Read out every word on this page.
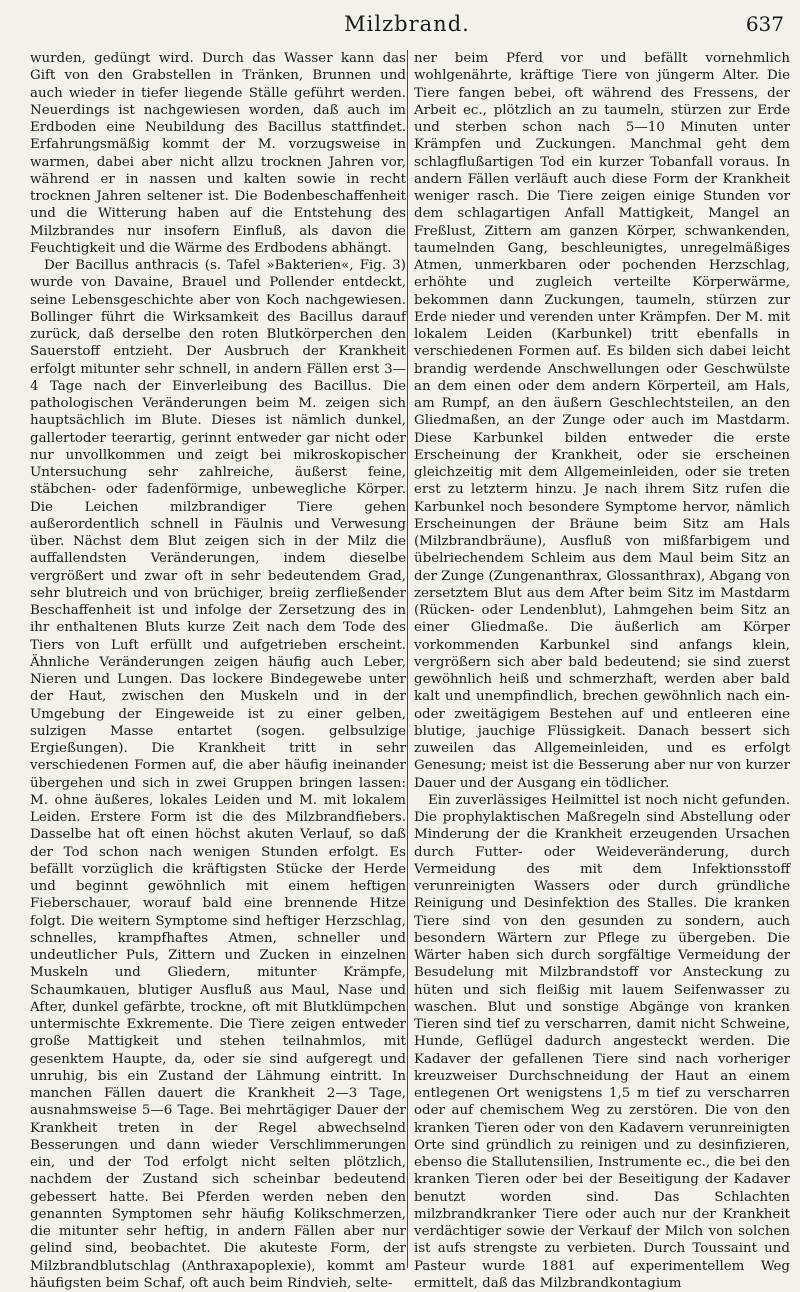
Milzbrand.	637

wurden, gedüngt wird. Durch das Wasser kann das Gift von den Grabstellen in Tränken, Brunnen und auch wieder in tiefer liegende Ställe geführt werden. Neuerdings ist nachgewiesen worden, daß auch im Erdboden eine Neubildung des Bacillus stattfindet. Erfahrungsmäßig kommt der M. vorzugsweise in warmen, dabei aber nicht allzu trocknen Jahren vor, während er in nassen und kalten sowie in recht trocknen Jahren seltener ist. Die Bodenbeschaffenheit und die Witterung haben auf die Entstehung des Milzbrandes nur insofern Einfluß, als davon die Feuchtigkeit und die Wärme des Erdbodens abhängt.

Der Bacillus anthracis (s. Tafel »Bakterien«, Fig. 3) wurde von Davaine, Brauel und Pollender entdeckt, seine Lebensgeschichte aber von Koch nachgewiesen. Bollinger führt die Wirksamkeit des Bacillus darauf zurück, daß derselbe den roten Blutkörperchen den Sauerstoff entzieht. Der Ausbruch der Krankheit erfolgt mitunter sehr schnell, in andern Fällen erst 3—4 Tage nach der Einverleibung des Bacillus. Die pathologischen Veränderungen beim M. zeigen sich hauptsächlich im Blute. Dieses ist nämlich dunkel, gallertoder teerartig, gerinnt entweder gar nicht oder nur unvollkommen und zeigt bei mikroskopischer Untersuchung sehr zahlreiche, äußerst feine, stäbchen- oder fadenförmige, unbewegliche Körper. Die Leichen milzbrandiger Tiere gehen außerordentlich schnell in Fäulnis und Verwesung über. Nächst dem Blut zeigen sich in der Milz die auffallendsten Veränderungen, indem dieselbe vergrößert und zwar oft in sehr bedeutendem Grad, sehr blutreich und von brüchiger, breiig zerfließender Beschaffenheit ist und infolge der Zersetzung des in ihr enthaltenen Bluts kurze Zeit nach dem Tode des Tiers von Luft erfüllt und aufgetrieben erscheint. Ähnliche Veränderungen zeigen häufig auch Leber, Nieren und Lungen. Das lockere Bindegewebe unter der Haut, zwischen den Muskeln und in der Umgebung der Eingeweide ist zu einer gelben, sulzigen Masse entartet (sogen. gelbsulzige Ergießungen). Die Krankheit tritt in sehr verschiedenen Formen auf, die aber häufig ineinander übergehen und sich in zwei Gruppen bringen lassen: M. ohne äußeres, lokales Leiden und M. mit lokalem Leiden. Erstere Form ist die des Milzbrandfiebers. Dasselbe hat oft einen höchst akuten Verlauf, so daß der Tod schon nach wenigen Stunden erfolgt. Es befällt vorzüglich die kräftigsten Stücke der Herde und beginnt gewöhnlich mit einem heftigen Fieberschauer, worauf bald eine brennende Hitze folgt. Die weitern Symptome sind heftiger Herzschlag, schnelles, krampfhaftes Atmen, schneller und undeutlicher Puls, Zittern und Zucken in einzelnen Muskeln und Gliedern, mitunter Krämpfe, Schaumkauen, blutiger Ausfluß aus Maul, Nase und After, dunkel gefärbte, trockne, oft mit Blutklümpchen untermischte Exkremente. Die Tiere zeigen entweder große Mattigkeit und stehen teilnahmlos, mit gesenktem Haupte, da, oder sie sind aufgeregt und unruhig, bis ein Zustand der Lähmung eintritt. In manchen Fällen dauert die Krankheit 2—3 Tage, ausnahmsweise 5—6 Tage. Bei mehrtägiger Dauer der Krankheit treten in der Regel abwechselnd Besserungen und dann wieder Verschlimmerungen ein, und der Tod erfolgt nicht selten plötzlich, nachdem der Zustand sich scheinbar bedeutend gebessert hatte. Bei Pferden werden neben den genannten Symptomen sehr häufig Kolikschmerzen, die mitunter sehr heftig, in andern Fällen aber nur gelind sind, beobachtet. Die akuteste Form, der Milzbrandblutschlag (Anthraxapoplexie), kommt am häufigsten beim Schaf, oft auch beim Rindvieh, selte-

ner beim Pferd vor und befällt vornehmlich wohlgenährte, kräftige Tiere von jüngerm Alter. Die Tiere fangen bebei, oft während des Fressens, der Arbeit ec., plötzlich an zu taumeln, stürzen zur Erde und sterben schon nach 5—10 Minuten unter Krämpfen und Zuckungen. Manchmal geht dem schlagflußartigen Tod ein kurzer Tobanfall voraus. In andern Fällen verläuft auch diese Form der Krankheit weniger rasch. Die Tiere zeigen einige Stunden vor dem schlagartigen Anfall Mattigkeit, Mangel an Freßlust, Zittern am ganzen Körper, schwankenden, taumelnden Gang, beschleunigtes, unregelmäßiges Atmen, unmerkbaren oder pochenden Herzschlag, erhöhte und zugleich verteilte Körperwärme, bekommen dann Zuckungen, taumeln, stürzen zur Erde nieder und verenden unter Krämpfen. Der M. mit lokalem Leiden (Karbunkel) tritt ebenfalls in verschiedenen Formen auf. Es bilden sich dabei leicht brandig werdende Anschwellungen oder Geschwülste an dem einen oder dem andern Körperteil, am Hals, am Rumpf, an den äußern Geschlechtsteilen, an den Gliedmaßen, an der Zunge oder auch im Mastdarm. Diese Karbunkel bilden entweder die erste Erscheinung der Krankheit, oder sie erscheinen gleichzeitig mit dem Allgemeinleiden, oder sie treten erst zu letzterm hinzu. Je nach ihrem Sitz rufen die Karbunkel noch besondere Symptome hervor, nämlich Erscheinungen der Bräune beim Sitz am Hals (Milzbrandbräune), Ausfluß von mißfarbigem und übelriechendem Schleim aus dem Maul beim Sitz an der Zunge (Zungenanthrax, Glossanthrax), Abgang von zersetztem Blut aus dem After beim Sitz im Mastdarm (Rücken- oder Lendenblut), Lahmgehen beim Sitz an einer Gliedmaße. Die äußerlich am Körper vorkommenden Karbunkel sind anfangs klein, vergrößern sich aber bald bedeutend; sie sind zuerst gewöhnlich heiß und schmerzhaft, werden aber bald kalt und unempfindlich, brechen gewöhnlich nach ein- oder zweitägigem Bestehen auf und entleeren eine blutige, jauchige Flüssigkeit. Danach bessert sich zuweilen das Allgemeinleiden, und es erfolgt Genesung; meist ist die Besserung aber nur von kurzer Dauer und der Ausgang ein tödlicher.

Ein zuverlässiges Heilmittel ist noch nicht gefunden. Die prophylaktischen Maßregeln sind Abstellung oder Minderung der die Krankheit erzeugenden Ursachen durch Futter- oder Weideveränderung, durch Vermeidung des mit dem Infektionsstoff verunreinigten Wassers oder durch gründliche Reinigung und Desinfektion des Stalles. Die kranken Tiere sind von den gesunden zu sondern, auch besondern Wärtern zur Pflege zu übergeben. Die Wärter haben sich durch sorgfältige Vermeidung der Besudelung mit Milzbrandstoff vor Ansteckung zu hüten und sich fleißig mit lauem Seifenwasser zu waschen. Blut und sonstige Abgänge von kranken Tieren sind tief zu verscharren, damit nicht Schweine, Hunde, Geflügel dadurch angesteckt werden. Die Kadaver der gefallenen Tiere sind nach vorheriger kreuzweiser Durchschneidung der Haut an einem entlegenen Ort wenigstens 1,5 m tief zu verscharren oder auf chemischem Weg zu zerstören. Die von den kranken Tieren oder von den Kadavern verunreinigten Orte sind gründlich zu reinigen und zu desinfizieren, ebenso die Stallutensilien, Instrumente ec., die bei den kranken Tieren oder bei der Beseitigung der Kadaver benutzt worden sind. Das Schlachten milzbrandkranker Tiere oder auch nur der Krankheit verdächtiger sowie der Verkauf der Milch von solchen ist aufs strengste zu verbieten. Durch Toussaint und Pasteur wurde 1881 auf experimentellem Weg ermittelt, daß das Milzbrandkontagium
